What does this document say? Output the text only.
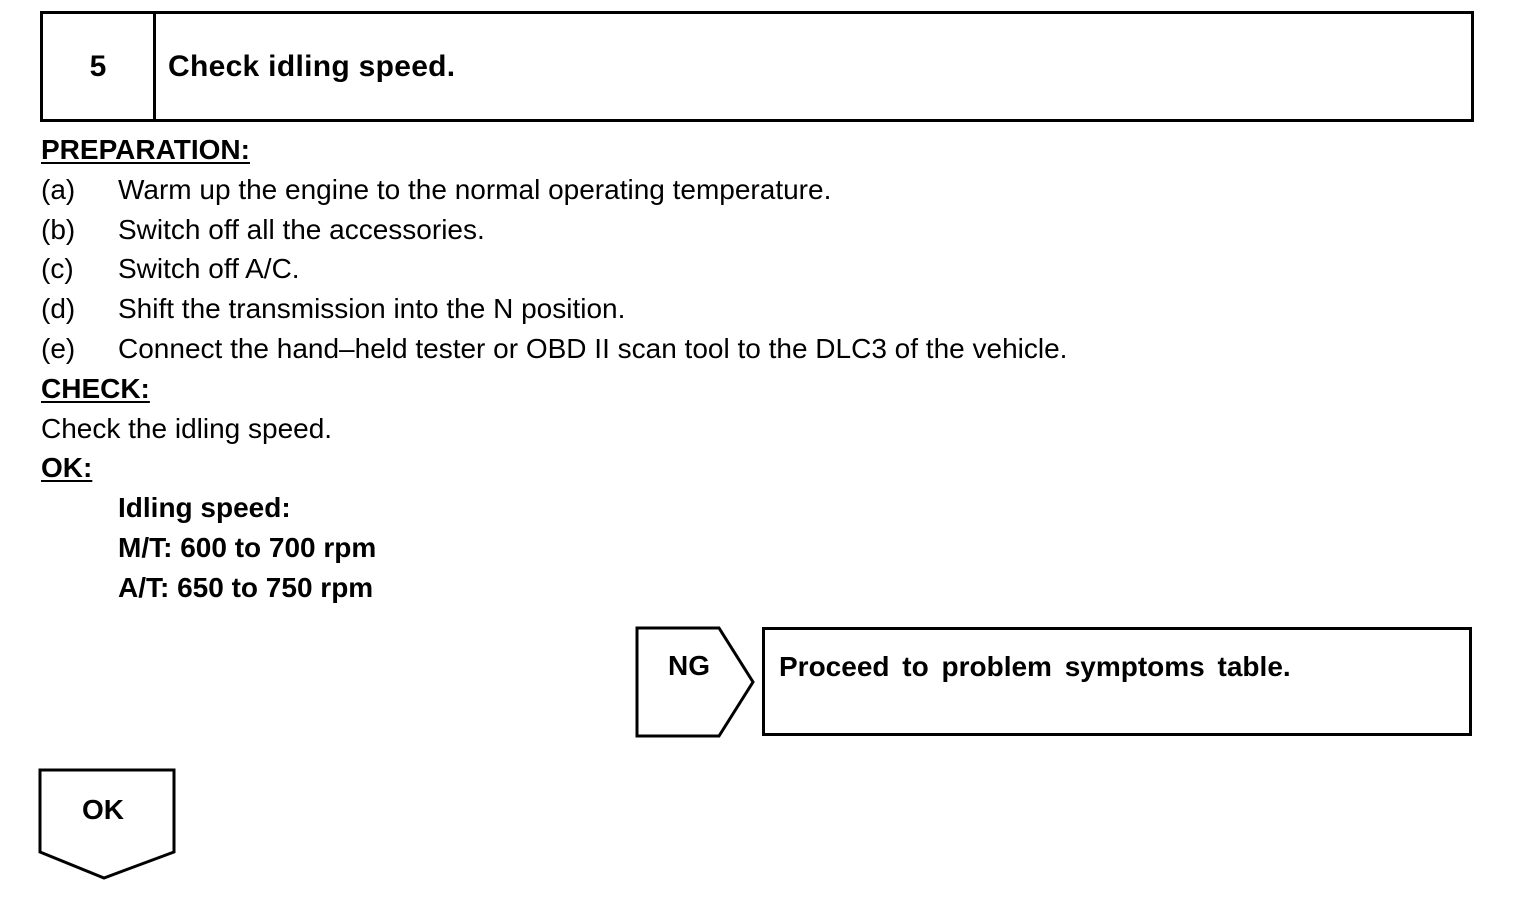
5	Check idling speed.
PREPARATION:
(a) Warm up the engine to the normal operating temperature.
(b) Switch off all the accessories.
(c) Switch off A/C.
(d) Shift the transmission into the N position.
(e) Connect the hand–held tester or OBD II scan tool to the DLC3 of the vehicle.
CHECK:
Check the idling speed.
OK:
Idling speed:
M/T: 600 to 700 rpm
A/T: 650 to 750 rpm
NG Proceed to problem symptoms table.
OK
